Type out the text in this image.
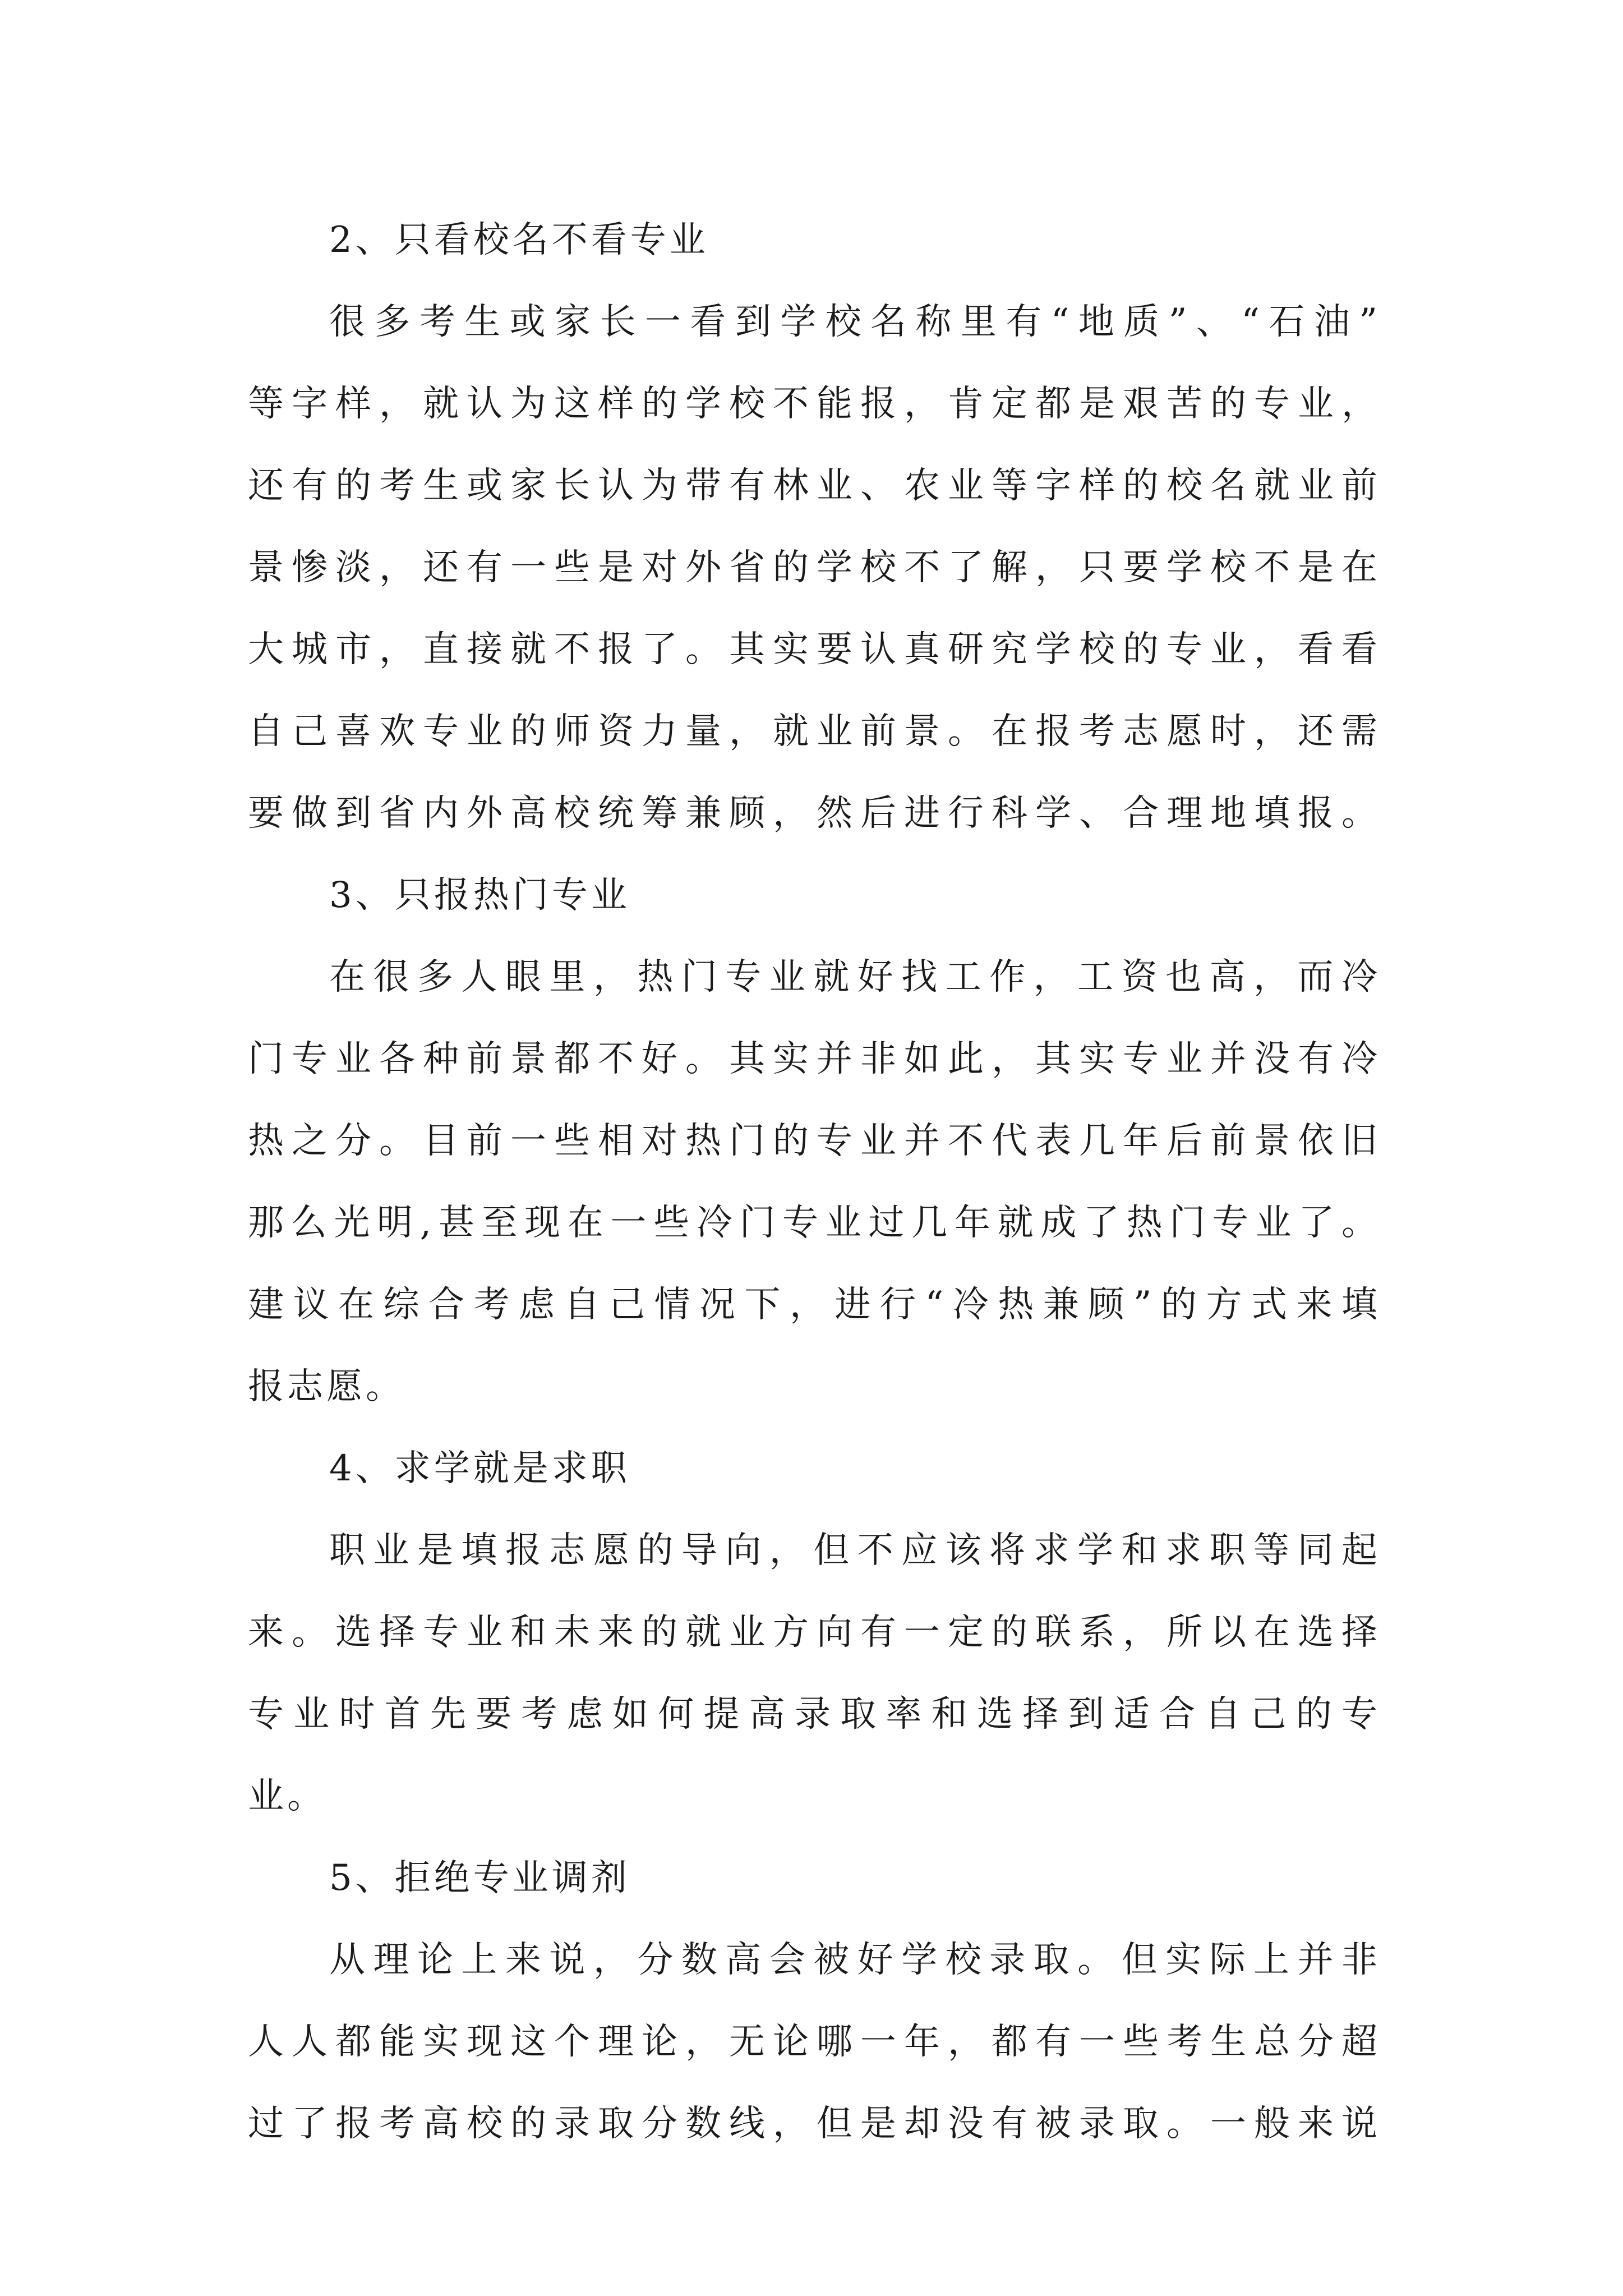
2、只看校名不看专业
很多考生或家长一看到学校名称里有“地质”、“石油”
等字样，就认为这样的学校不能报，肯定都是艰苦的专业，
还有的考生或家长认为带有林业、农业等字样的校名就业前
景惨淡，还有一些是对外省的学校不了解，只要学校不是在
大城市，直接就不报了。其实要认真研究学校的专业，看看
自己喜欢专业的师资力量，就业前景。在报考志愿时，还需
要做到省内外高校统筹兼顾，然后进行科学、合理地填报。
3、只报热门专业
在很多人眼里，热门专业就好找工作，工资也高，而冷
门专业各种前景都不好。其实并非如此，其实专业并没有冷
热之分。目前一些相对热门的专业并不代表几年后前景依旧
那么光明,甚至现在一些冷门专业过几年就成了热门专业了。
建议在综合考虑自己情况下，进行“冷热兼顾”的方式来填
报志愿。
4、求学就是求职
职业是填报志愿的导向，但不应该将求学和求职等同起
来。选择专业和未来的就业方向有一定的联系，所以在选择
专业时首先要考虑如何提高录取率和选择到适合自己的专
业。
5、拒绝专业调剂
从理论上来说，分数高会被好学校录取。但实际上并非
人人都能实现这个理论，无论哪一年，都有一些考生总分超
过了报考高校的录取分数线，但是却没有被录取。一般来说
